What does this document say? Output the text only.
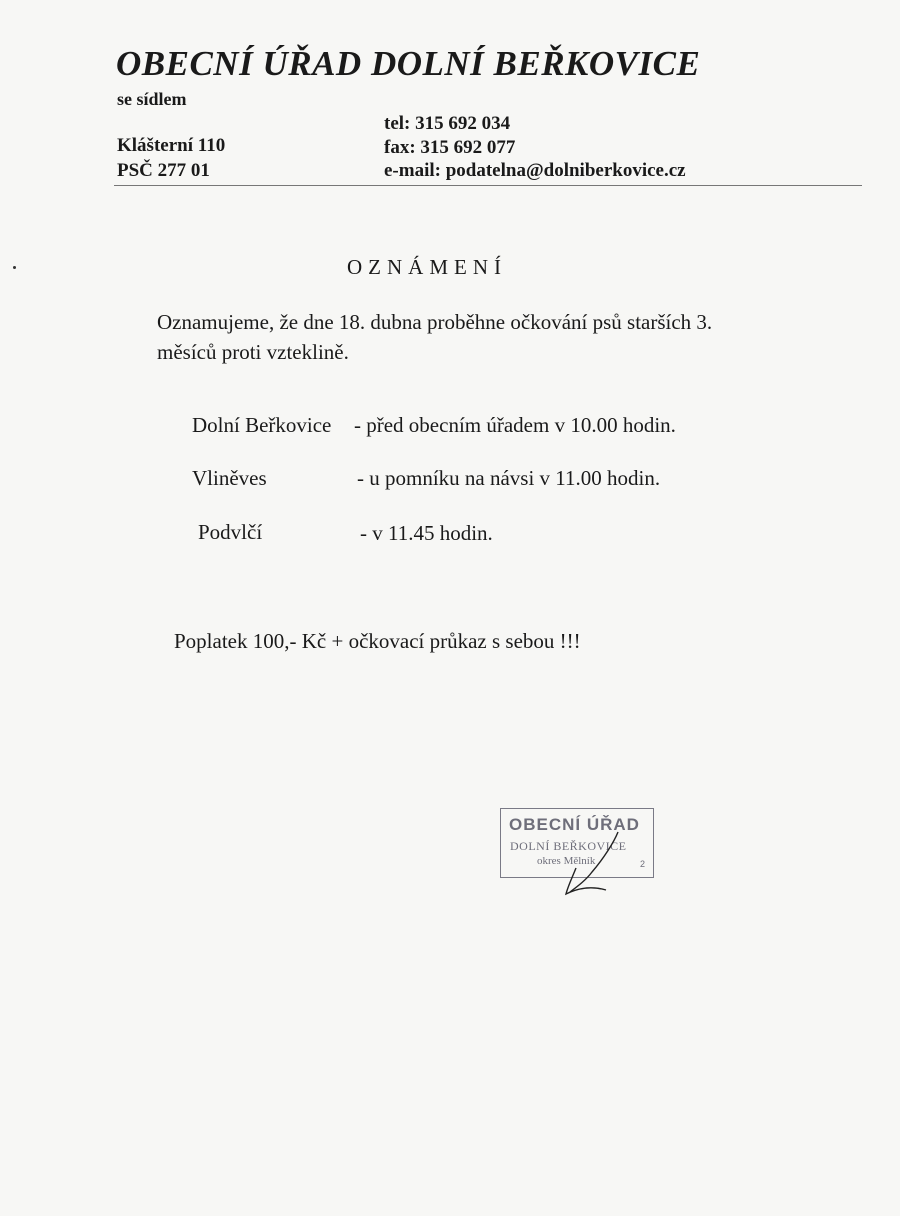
OBECNÍ ÚŘAD DOLNÍ BEŘKOVICE
se sídlem
Klášterní 110
PSČ 277 01
tel: 315 692 034
fax: 315 692 077
e-mail: podatelna@dolniberkovice.cz
OZNÁMENÍ
Oznamujeme, že dne 18. dubna proběhne očkování psů starších 3. měsíců proti vzteklině.
Dolní Beřkovice - před obecním úřadem v 10.00 hodin.
Vliněves	- u pomníku na návsi v 11.00 hodin.
Podvlčí	- v 11.45 hodin.
Poplatek 100,- Kč + očkovací průkaz s sebou !!!
OBECNÍ ÚŘAD
DOLNÍ BEŘKOVICE
okres Mělník	2
